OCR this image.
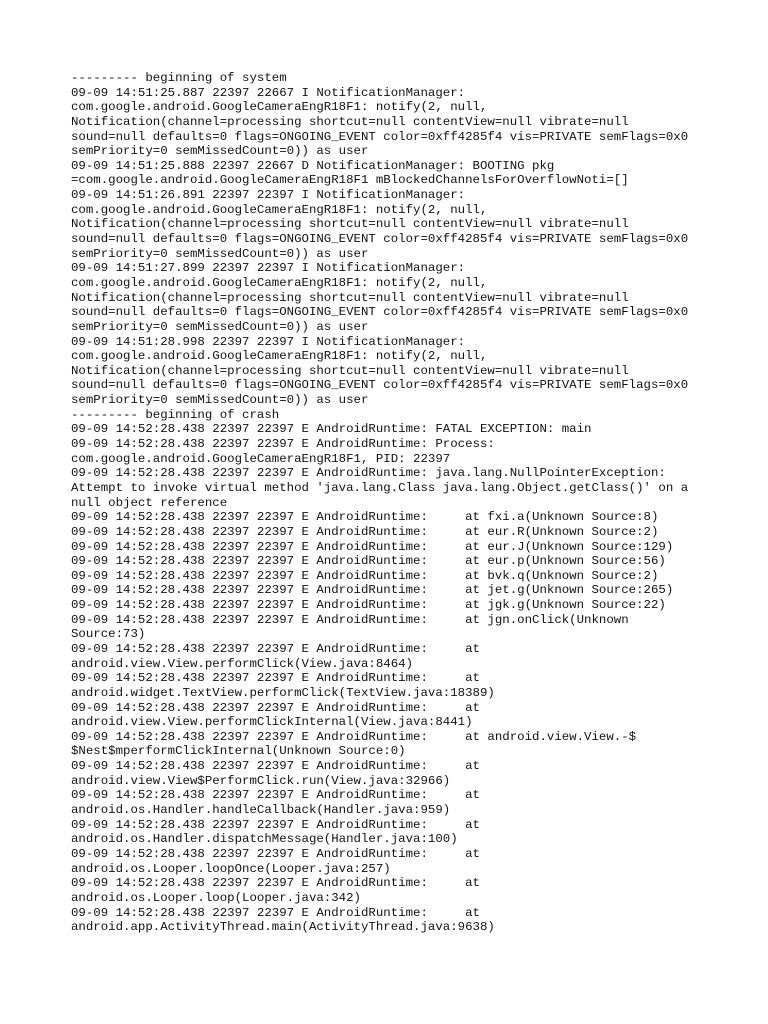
--------- beginning of system
09-09 14:51:25.887 22397 22667 I NotificationManager:
com.google.android.GoogleCameraEngR18F1: notify(2, null,
Notification(channel=processing shortcut=null contentView=null vibrate=null
sound=null defaults=0 flags=ONGOING_EVENT color=0xff4285f4 vis=PRIVATE semFlags=0x0
semPriority=0 semMissedCount=0)) as user
09-09 14:51:25.888 22397 22667 D NotificationManager: BOOTING pkg
=com.google.android.GoogleCameraEngR18F1 mBlockedChannelsForOverflowNoti=[]
09-09 14:51:26.891 22397 22397 I NotificationManager:
com.google.android.GoogleCameraEngR18F1: notify(2, null,
Notification(channel=processing shortcut=null contentView=null vibrate=null
sound=null defaults=0 flags=ONGOING_EVENT color=0xff4285f4 vis=PRIVATE semFlags=0x0
semPriority=0 semMissedCount=0)) as user
09-09 14:51:27.899 22397 22397 I NotificationManager:
com.google.android.GoogleCameraEngR18F1: notify(2, null,
Notification(channel=processing shortcut=null contentView=null vibrate=null
sound=null defaults=0 flags=ONGOING_EVENT color=0xff4285f4 vis=PRIVATE semFlags=0x0
semPriority=0 semMissedCount=0)) as user
09-09 14:51:28.998 22397 22397 I NotificationManager:
com.google.android.GoogleCameraEngR18F1: notify(2, null,
Notification(channel=processing shortcut=null contentView=null vibrate=null
sound=null defaults=0 flags=ONGOING_EVENT color=0xff4285f4 vis=PRIVATE semFlags=0x0
semPriority=0 semMissedCount=0)) as user
--------- beginning of crash
09-09 14:52:28.438 22397 22397 E AndroidRuntime: FATAL EXCEPTION: main
09-09 14:52:28.438 22397 22397 E AndroidRuntime: Process:
com.google.android.GoogleCameraEngR18F1, PID: 22397
09-09 14:52:28.438 22397 22397 E AndroidRuntime: java.lang.NullPointerException:
Attempt to invoke virtual method 'java.lang.Class java.lang.Object.getClass()' on a
null object reference
09-09 14:52:28.438 22397 22397 E AndroidRuntime:     at fxi.a(Unknown Source:8)
09-09 14:52:28.438 22397 22397 E AndroidRuntime:     at eur.R(Unknown Source:2)
09-09 14:52:28.438 22397 22397 E AndroidRuntime:     at eur.J(Unknown Source:129)
09-09 14:52:28.438 22397 22397 E AndroidRuntime:     at eur.p(Unknown Source:56)
09-09 14:52:28.438 22397 22397 E AndroidRuntime:     at bvk.q(Unknown Source:2)
09-09 14:52:28.438 22397 22397 E AndroidRuntime:     at jet.g(Unknown Source:265)
09-09 14:52:28.438 22397 22397 E AndroidRuntime:     at jgk.g(Unknown Source:22)
09-09 14:52:28.438 22397 22397 E AndroidRuntime:     at jgn.onClick(Unknown
Source:73)
09-09 14:52:28.438 22397 22397 E AndroidRuntime:     at
android.view.View.performClick(View.java:8464)
09-09 14:52:28.438 22397 22397 E AndroidRuntime:     at
android.widget.TextView.performClick(TextView.java:18389)
09-09 14:52:28.438 22397 22397 E AndroidRuntime:     at
android.view.View.performClickInternal(View.java:8441)
09-09 14:52:28.438 22397 22397 E AndroidRuntime:     at android.view.View.-$
$Nest$mperformClickInternal(Unknown Source:0)
09-09 14:52:28.438 22397 22397 E AndroidRuntime:     at
android.view.View$PerformClick.run(View.java:32966)
09-09 14:52:28.438 22397 22397 E AndroidRuntime:     at
android.os.Handler.handleCallback(Handler.java:959)
09-09 14:52:28.438 22397 22397 E AndroidRuntime:     at
android.os.Handler.dispatchMessage(Handler.java:100)
09-09 14:52:28.438 22397 22397 E AndroidRuntime:     at
android.os.Looper.loopOnce(Looper.java:257)
09-09 14:52:28.438 22397 22397 E AndroidRuntime:     at
android.os.Looper.loop(Looper.java:342)
09-09 14:52:28.438 22397 22397 E AndroidRuntime:     at
android.app.ActivityThread.main(ActivityThread.java:9638)
